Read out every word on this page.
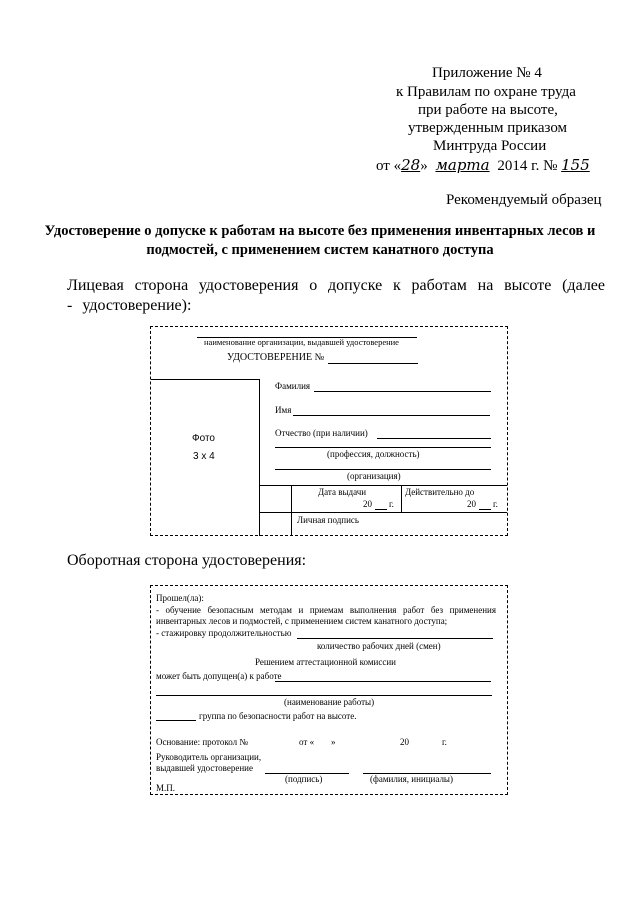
Приложение № 4
к Правилам по охране труда
при работе на высоте,
утвержденным приказом
Минтруда России
от «28» марта 2014 г. № 155
Рекомендуемый образец
Удостоверение о допуске к работам на высоте без применения инвентарных лесов и подмостей, с применением систем канатного доступа
Лицевая сторона удостоверения о допуске к работам на высоте (далее - удостоверение):
наименование организации, выдавшей удостоверение
УДОСТОВЕРЕНИЕ №
Фото
3 х 4
Фамилия
Имя
Отчество (при наличии)
(профессия, должность)
(организация)
Дата выдачи
20 г.
Действительно до
20 г.
Личная подпись
Оборотная сторона удостоверения:
Прошел(ла):
- обучение безопасным методам и приемам выполнения работ без применения
инвентарных лесов и подмостей, с применением систем канатного доступа;
- стажировку продолжительностью
количество рабочих дней (смен)
Решением аттестационной комиссии
может быть допущен(а) к работе
(наименование работы)
группа по безопасности работ на высоте.
Основание: протокол №	от « »	20	г.
Руководитель организации,
выдавшей удостоверение
(подпись)	(фамилия, инициалы)
М.П.
